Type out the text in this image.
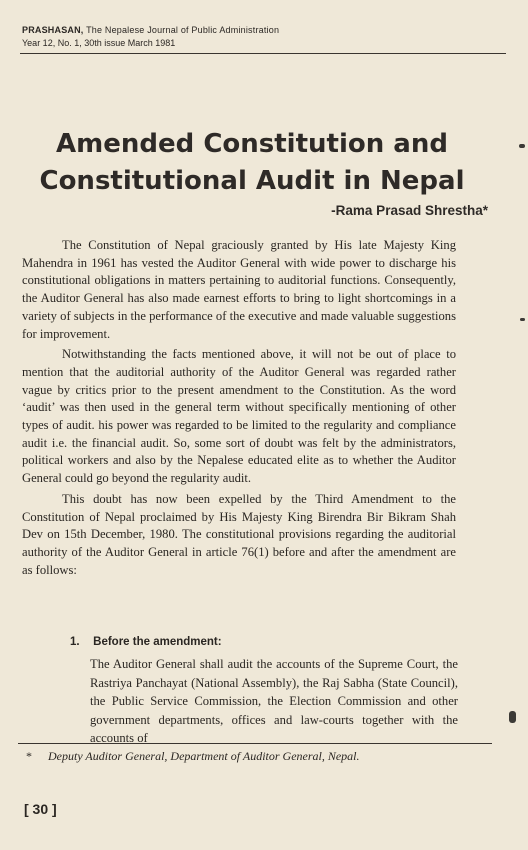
PRASHASAN, The Nepalese Journal of Public Administration
Year 12, No. 1, 30th issue March 1981
Amended Constitution and
Constitutional Audit in Nepal
-Rama Prasad Shrestha*

The Constitution of Nepal graciously granted by His late Majesty King Mahendra in 1961 has vested the Auditor General with wide power to discharge his constitutional obligations in matters pertaining to auditorial functions. Consequently, the Auditor General has also made earnest efforts to bring to light shortcomings in a variety of subjects in the performance of the executive and made valuable suggestions for improvement.

Notwithstanding the facts mentioned above, it will not be out of place to mention that the auditorial authority of the Auditor General was regarded rather vague by critics prior to the present amendment to the Constitution. As the word ‘audit’ was then used in the general term without specifically mentioning of other types of audit. his power was regarded to be limited to the regularity and compliance audit i.e. the financial audit. So, some sort of doubt was felt by the administrators, political workers and also by the Nepalese educated elite as to whether the Auditor General could go beyond the regularity audit.

This doubt has now been expelled by the Third Amendment to the Constitution of Nepal proclaimed by His Majesty King Birendra Bir Bikram Shah Dev on 15th December, 1980. The constitutional provisions regarding the auditorial authority of the Auditor General in article 76(1) before and after the amendment are as follows:

1. Before the amendment:
The Auditor General shall audit the accounts of the Supreme Court, the Rastriya Panchayat (National Assembly), the Raj Sabha (State Council), the Public Service Commission, the Election Commission and other government departments, offices and law-courts together with the accounts of
* Deputy Auditor General, Department of Auditor General, Nepal.
[ 30 ]
